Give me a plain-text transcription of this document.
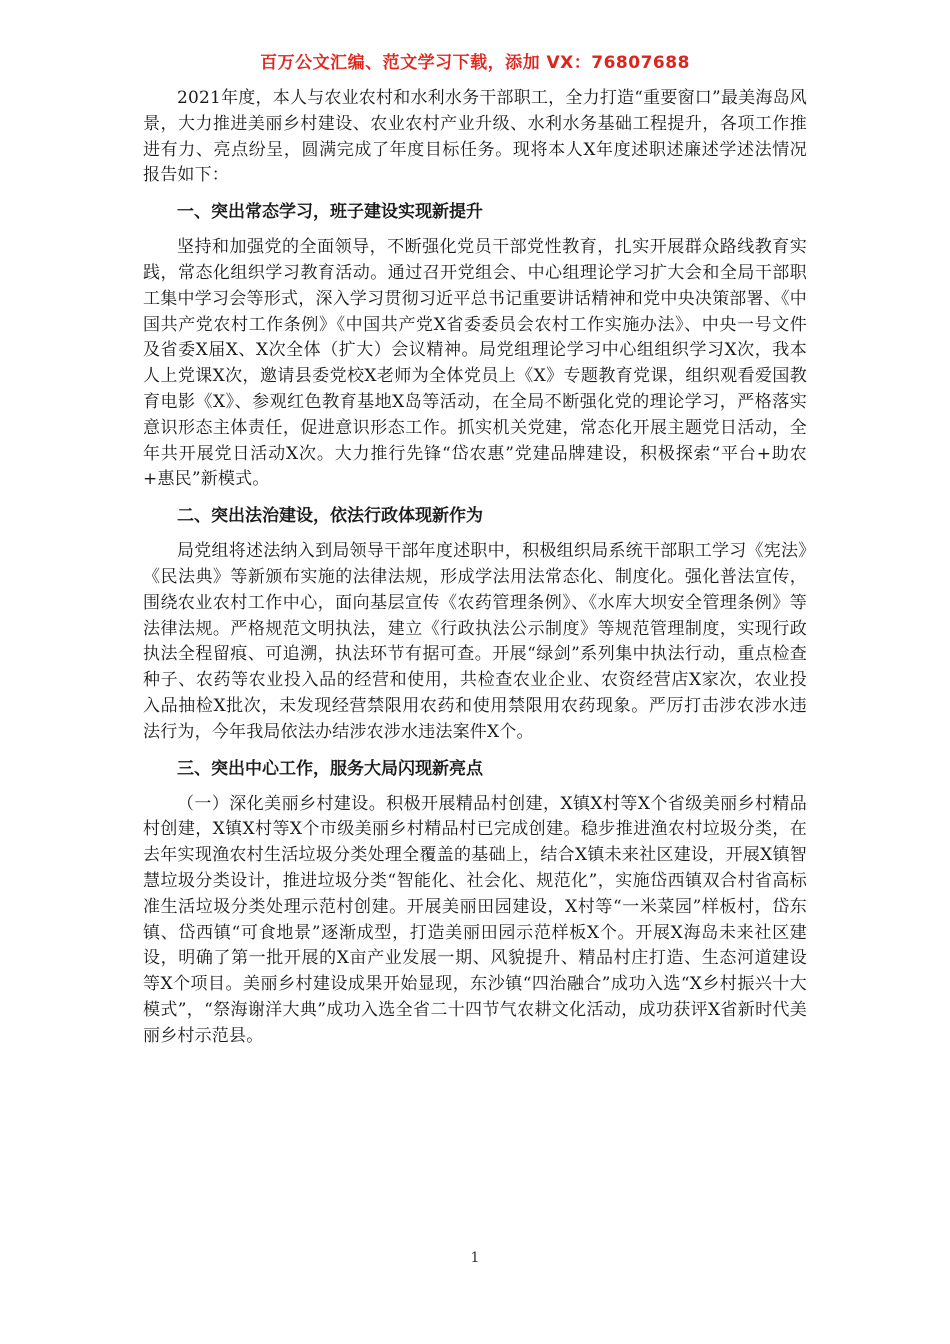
百万公文汇编、范文学习下载，添加 VX：76807688

2021年度，本人与农业农村和水利水务干部职工，全力打造“重要窗口”最美海岛风景，大力推进美丽乡村建设、农业农村产业升级、水利水务基础工程提升，各项工作推进有力、亮点纷呈，圆满完成了年度目标任务。现将本人X年度述职述廉述学述法情况报告如下：

一、突出常态学习，班子建设实现新提升

坚持和加强党的全面领导，不断强化党员干部党性教育，扎实开展群众路线教育实践，常态化组织学习教育活动。通过召开党组会、中心组理论学习扩大会和全局干部职工集中学习会等形式，深入学习贯彻习近平总书记重要讲话精神和党中央决策部署、《中国共产党农村工作条例》《中国共产党X省委委员会农村工作实施办法》、中央一号文件及省委X届X、X次全体（扩大）会议精神。局党组理论学习中心组组织学习X次，我本人上党课X次，邀请县委党校X老师为全体党员上《X》专题教育党课，组织观看爱国教育电影《X》、参观红色教育基地X岛等活动，在全局不断强化党的理论学习，严格落实意识形态主体责任，促进意识形态工作。抓实机关党建，常态化开展主题党日活动，全年共开展党日活动X次。大力推行先锋“岱农惠”党建品牌建设，积极探索“平台+助农+惠民”新模式。

二、突出法治建设，依法行政体现新作为

局党组将述法纳入到局领导干部年度述职中，积极组织局系统干部职工学习《宪法》《民法典》等新颁布实施的法律法规，形成学法用法常态化、制度化。强化普法宣传，围绕农业农村工作中心，面向基层宣传《农药管理条例》、《水库大坝安全管理条例》等法律法规。严格规范文明执法，建立《行政执法公示制度》等规范管理制度，实现行政执法全程留痕、可追溯，执法环节有据可查。开展“绿剑”系列集中执法行动，重点检查种子、农药等农业投入品的经营和使用，共检查农业企业、农资经营店X家次，农业投入品抽检X批次，未发现经营禁限用农药和使用禁限用农药现象。严厉打击涉农涉水违法行为，今年我局依法办结涉农涉水违法案件X个。

三、突出中心工作，服务大局闪现新亮点

（一）深化美丽乡村建设。积极开展精品村创建，X镇X村等X个省级美丽乡村精品村创建，X镇X村等X个市级美丽乡村精品村已完成创建。稳步推进渔农村垃圾分类，在去年实现渔农村生活垃圾分类处理全覆盖的基础上，结合X镇未来社区建设，开展X镇智慧垃圾分类设计，推进垃圾分类“智能化、社会化、规范化”，实施岱西镇双合村省高标准生活垃圾分类处理示范村创建。开展美丽田园建设，X村等“一米菜园”样板村，岱东镇、岱西镇“可食地景”逐渐成型，打造美丽田园示范样板X个。开展X海岛未来社区建设，明确了第一批开展的X亩产业发展一期、风貌提升、精品村庄打造、生态河道建设等X个项目。美丽乡村建设成果开始显现，东沙镇“四治融合”成功入选“X乡村振兴十大模式”，“祭海谢洋大典”成功入选全省二十四节气农耕文化活动，成功获评X省新时代美丽乡村示范县。

1
